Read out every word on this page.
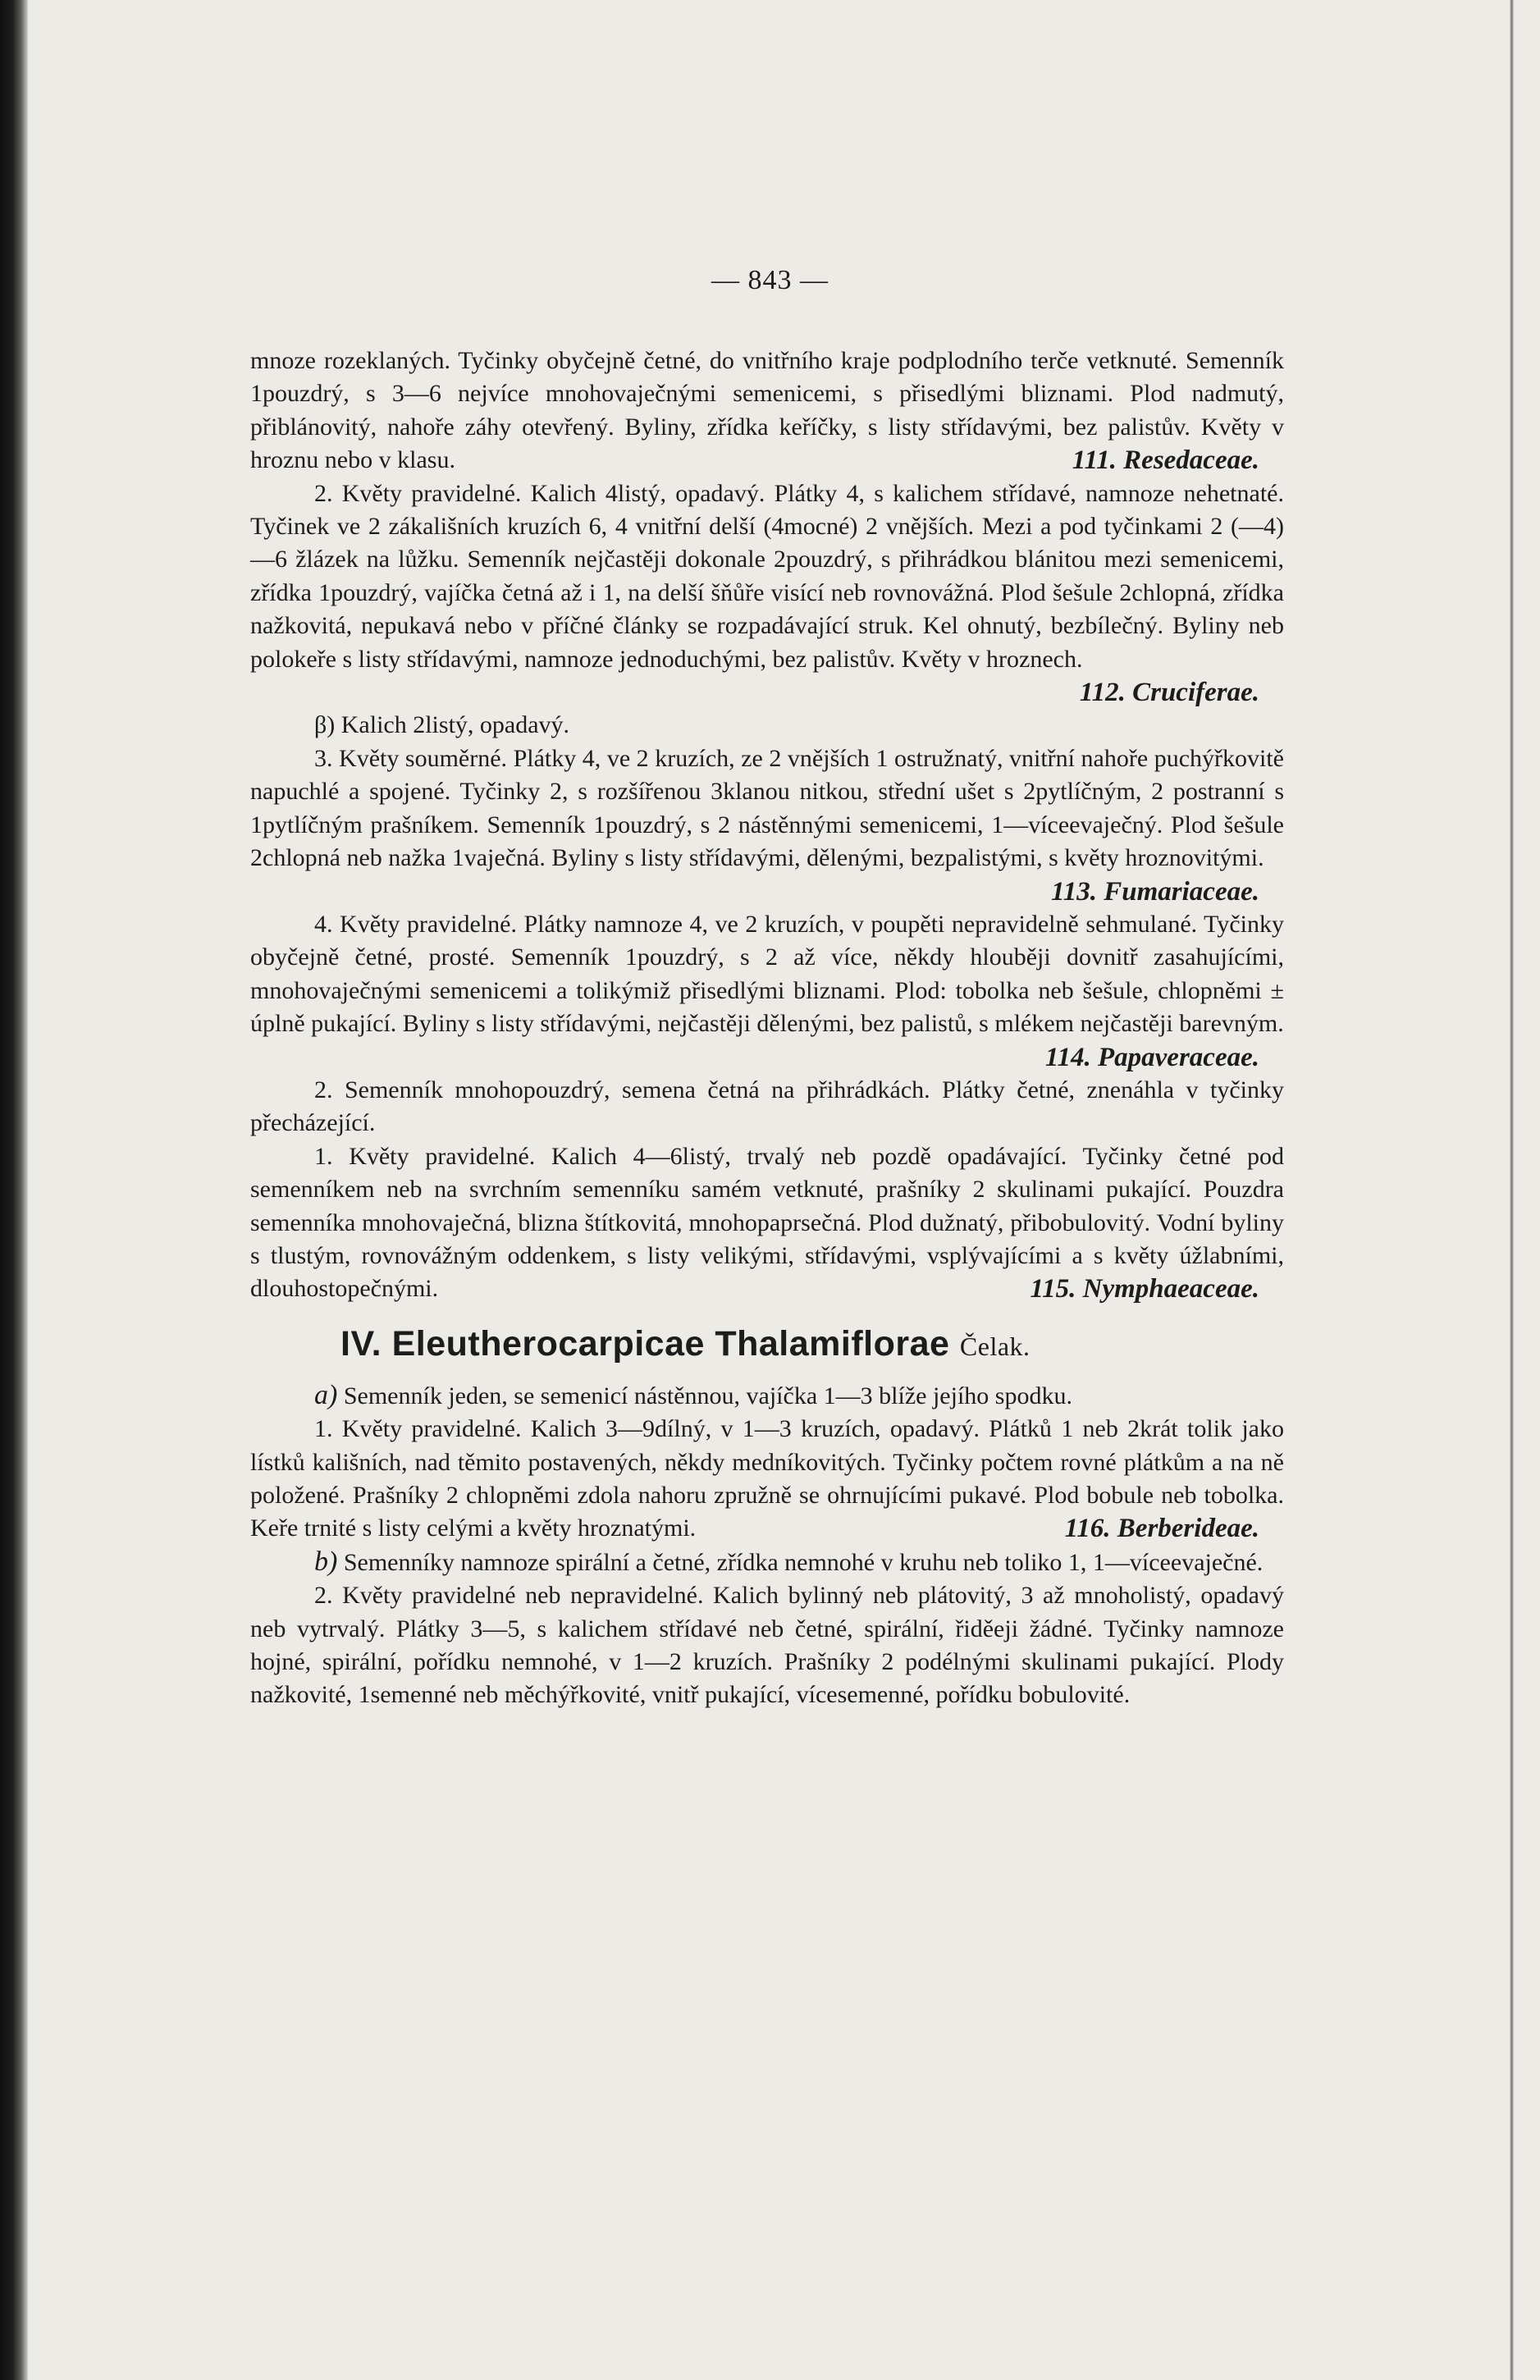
— 843 —

mnoze rozeklaných. Tyčinky obyčejně četné, do vnitřního kraje podplodního terče vetknuté. Semenník 1pouzdrý, s 3—6 nejvíce mnohovaječnými semenicemi, s přisedlými bliznami. Plod nadmutý, přiblánovitý, nahoře záhy otevřený. Byliny, zřídka keříčky, s listy střídavými, bez palistův. Květy v hroznu nebo v klasu.	111. Resedaceae.

2. Květy pravidelné. Kalich 4listý, opadavý. Plátky 4, s kalichem střídavé, namnoze nehetnaté. Tyčinek ve 2 zákališních kruzích 6, 4 vnitřní delší (4mocné) 2 vnějších. Mezi a pod tyčinkami 2 (—4) —6 žlázek na lůžku. Semenník nejčastěji dokonale 2pouzdrý, s přihrádkou blánitou mezi semenicemi, zřídka 1pouzdrý, vajíčka četná až i 1, na delší šňůře visící neb rovnovážná. Plod šešule 2chlopná, zřídka nažkovitá, nepukavá nebo v příčné články se rozpadávající struk. Kel ohnutý, bezbílečný. Byliny neb polokeře s listy střídavými, namnoze jednoduchými, bez palistův. Květy v hroznech.
112. Cruciferae.

β) Kalich 2listý, opadavý.

3. Květy souměrné. Plátky 4, ve 2 kruzích, ze 2 vnějších 1 ostružnatý, vnitřní nahoře puchýřkovitě napuchlé a spojené. Tyčinky 2, s rozšířenou 3klanou nitkou, střední ušet s 2pytlíčným, 2 postranní s 1pytlíčným prašníkem. Semenník 1pouzdrý, s 2 nástěnnými semenicemi, 1—víceevaječný. Plod šešule 2chlopná neb nažka 1vaječná. Byliny s listy střídavými, dělenými, bezpalistými, s květy hroznovitými.
113. Fumariaceae.

4. Květy pravidelné. Plátky namnoze 4, ve 2 kruzích, v poupěti nepravidelně sehmulané. Tyčinky obyčejně četné, prosté. Semenník 1pouzdrý, s 2 až více, někdy hlouběji dovnitř zasahujícími, mnohovaječnými semenicemi a tolikýmiž přisedlými bliznami. Plod: tobolka neb šešule, chlopněmi ± úplně pukající. Byliny s listy střídavými, nejčastěji dělenými, bez palistů, s mlékem nejčastěji barevným.
114. Papaveraceae.

2. Semenník mnohopouzdrý, semena četná na přihrádkách. Plátky četné, znenáhla v tyčinky přecházející.

1. Květy pravidelné. Kalich 4—6listý, trvalý neb pozdě opadávající. Tyčinky četné pod semenníkem neb na svrchním semenníku samém vetknuté, prašníky 2 skulinami pukající. Pouzdra semenníka mnohovaječná, blizna štítkovitá, mnohopaprsečná. Plod dužnatý, přibobulovitý. Vodní byliny s tlustým, rovnovážným oddenkem, s listy velikými, střídavými, vsplývajícími a s květy úžlabními, dlouhostopečnými.	115. Nymphaeaceae.

IV. Eleutherocarpicae Thalamiflorae Čelak.

a) Semenník jeden, se semenicí nástěnnou, vajíčka 1—3 blíže jejího spodku.

1. Květy pravidelné. Kalich 3—9dílný, v 1—3 kruzích, opadavý. Plátků 1 neb 2krát tolik jako lístků kališních, nad těmito postavených, někdy medníkovitých. Tyčinky počtem rovné plátkům a na ně položené. Prašníky 2 chlopněmi zdola nahoru zpružně se ohrnujícími pukavé. Plod bobule neb tobolka. Keře trnité s listy celými a květy hroznatými.	116. Berberideae.

b) Semenníky namnoze spirální a četné, zřídka nemnohé v kruhu neb toliko 1, 1—víceevaječné.

2. Květy pravidelné neb nepravidelné. Kalich bylinný neb plátovitý, 3 až mnoholistý, opadavý neb vytrvalý. Plátky 3—5, s kalichem střídavé neb četné, spirální, řiděeji žádné. Tyčinky namnoze hojné, spirální, pořídku nemnohé, v 1—2 kruzích. Prašníky 2 podélnými skulinami pukající. Plody nažkovité, 1semenné neb měchýřkovité, vnitř pukající, vícesemenné, pořídku bobulovité.
